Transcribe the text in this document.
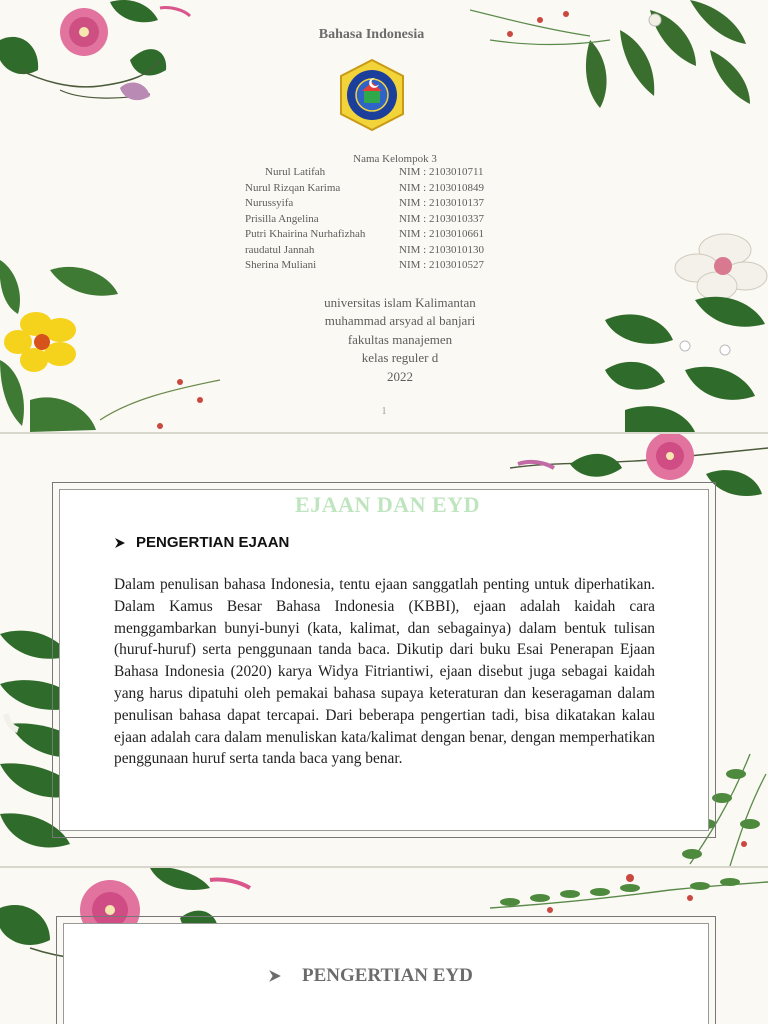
Bahasa Indonesia
Nama Kelompok 3
Nurul Latifah	NIM : 2103010711
Nurul Rizqan Karima	NIM : 2103010849
Nurussyifa	NIM : 2103010137
Prisilla Angelina	NIM : 2103010337
Putri Khairina Nurhafizhah	NIM : 2103010661
raudatul Jannah	NIM : 2103010130
Sherina Muliani	NIM : 2103010527
universitas islam Kalimantan
muhammad arsyad al banjari
fakultas manajemen
kelas reguler d
2022
1
EJAAN DAN EYD
PENGERTIAN EJAAN
Dalam penulisan bahasa Indonesia, tentu ejaan sanggatlah penting untuk diperhatikan. Dalam Kamus Besar Bahasa Indonesia (KBBI), ejaan adalah kaidah cara menggambarkan bunyi-bunyi (kata, kalimat, dan sebagainya) dalam bentuk tulisan (huruf-huruf) serta penggunaan tanda baca. Dikutip dari buku Esai Penerapan Ejaan Bahasa Indonesia (2020) karya Widya Fitriantiwi, ejaan disebut juga sebagai kaidah yang harus dipatuhi oleh pemakai bahasa supaya keteraturan dan keseragaman dalam penulisan bahasa dapat tercapai. Dari beberapa pengertian tadi, bisa dikatakan kalau ejaan adalah cara dalam menuliskan kata/kalimat dengan benar, dengan memperhatikan penggunaan huruf serta tanda baca yang benar.
PENGERTIAN EYD
